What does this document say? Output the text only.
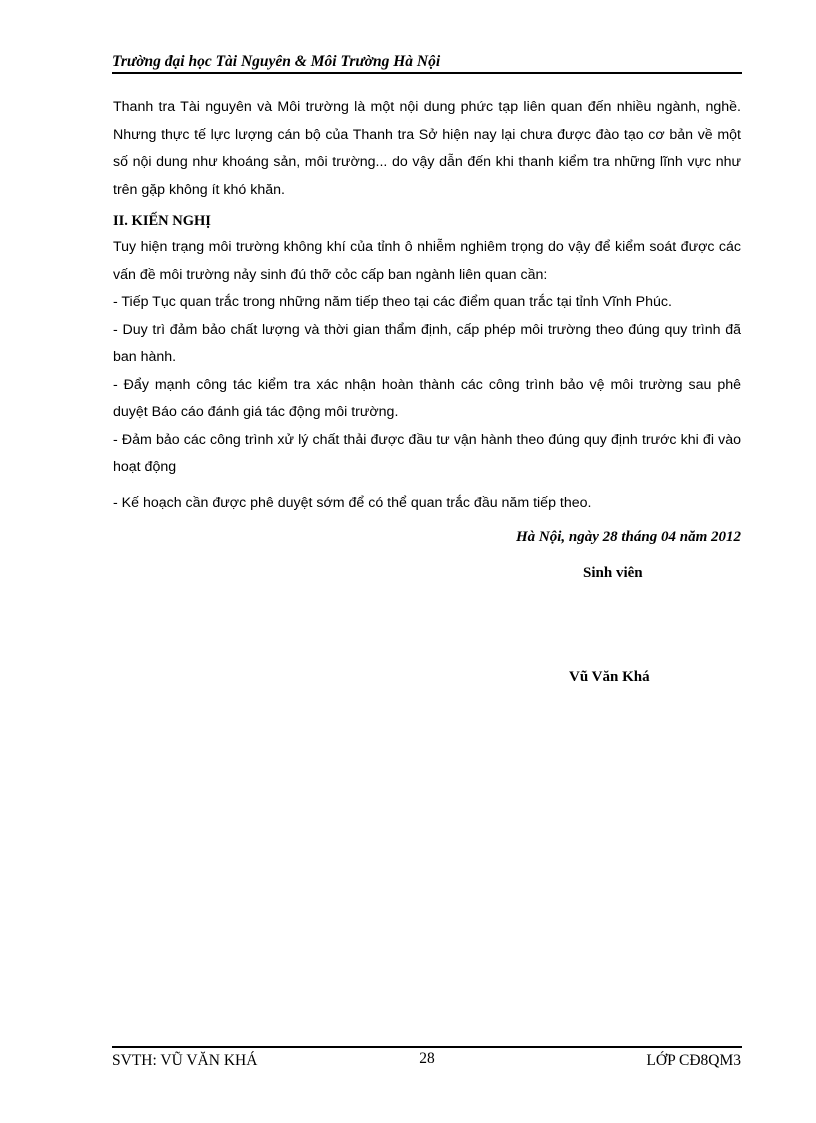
Trường đại học Tài Nguyên & Môi Trường Hà Nội

Thanh tra Tài nguyên và Môi trường là một nội dung phức tạp liên quan đến nhiều ngành, nghề. Nhưng thực tế lực lượng cán bộ của Thanh tra Sở hiện nay lại chưa được đào tạo cơ bản về một số nội dung như khoáng sản, môi trường... do vậy dẫn đến khi thanh kiểm tra những lĩnh vực như trên gặp không ít khó khăn.

II. KIẾN NGHỊ

Tuy hiện trạng môi trường không khí của tỉnh ô nhiễm nghiêm trọng do vậy để kiểm soát được các vấn đề môi trường nảy sinh đú thỡ cỏc cấp ban ngành liên quan cần:

- Tiếp Tục quan trắc trong những năm tiếp theo tại các điểm quan trắc tại tỉnh Vĩnh Phúc.

- Duy trì đảm bảo chất lượng và thời gian thẩm định, cấp phép môi trường theo đúng quy trình đã ban hành.

- Đẩy mạnh công tác kiểm tra xác nhận hoàn thành các công trình bảo vệ môi trường sau phê duyệt Báo cáo đánh giá tác động môi trường.

- Đảm bảo các công trình xử lý chất thải được đầu tư vận hành theo đúng quy định trước khi đi vào hoạt động

- Kế hoạch cần được phê duyệt sớm để có thể quan trắc đầu năm tiếp theo.

Hà Nội, ngày 28 tháng 04 năm 2012
Sinh viên
Vũ Văn Khá
SVTH: VŨ VĂN KHÁ	28	LỚP CĐ8QM3
